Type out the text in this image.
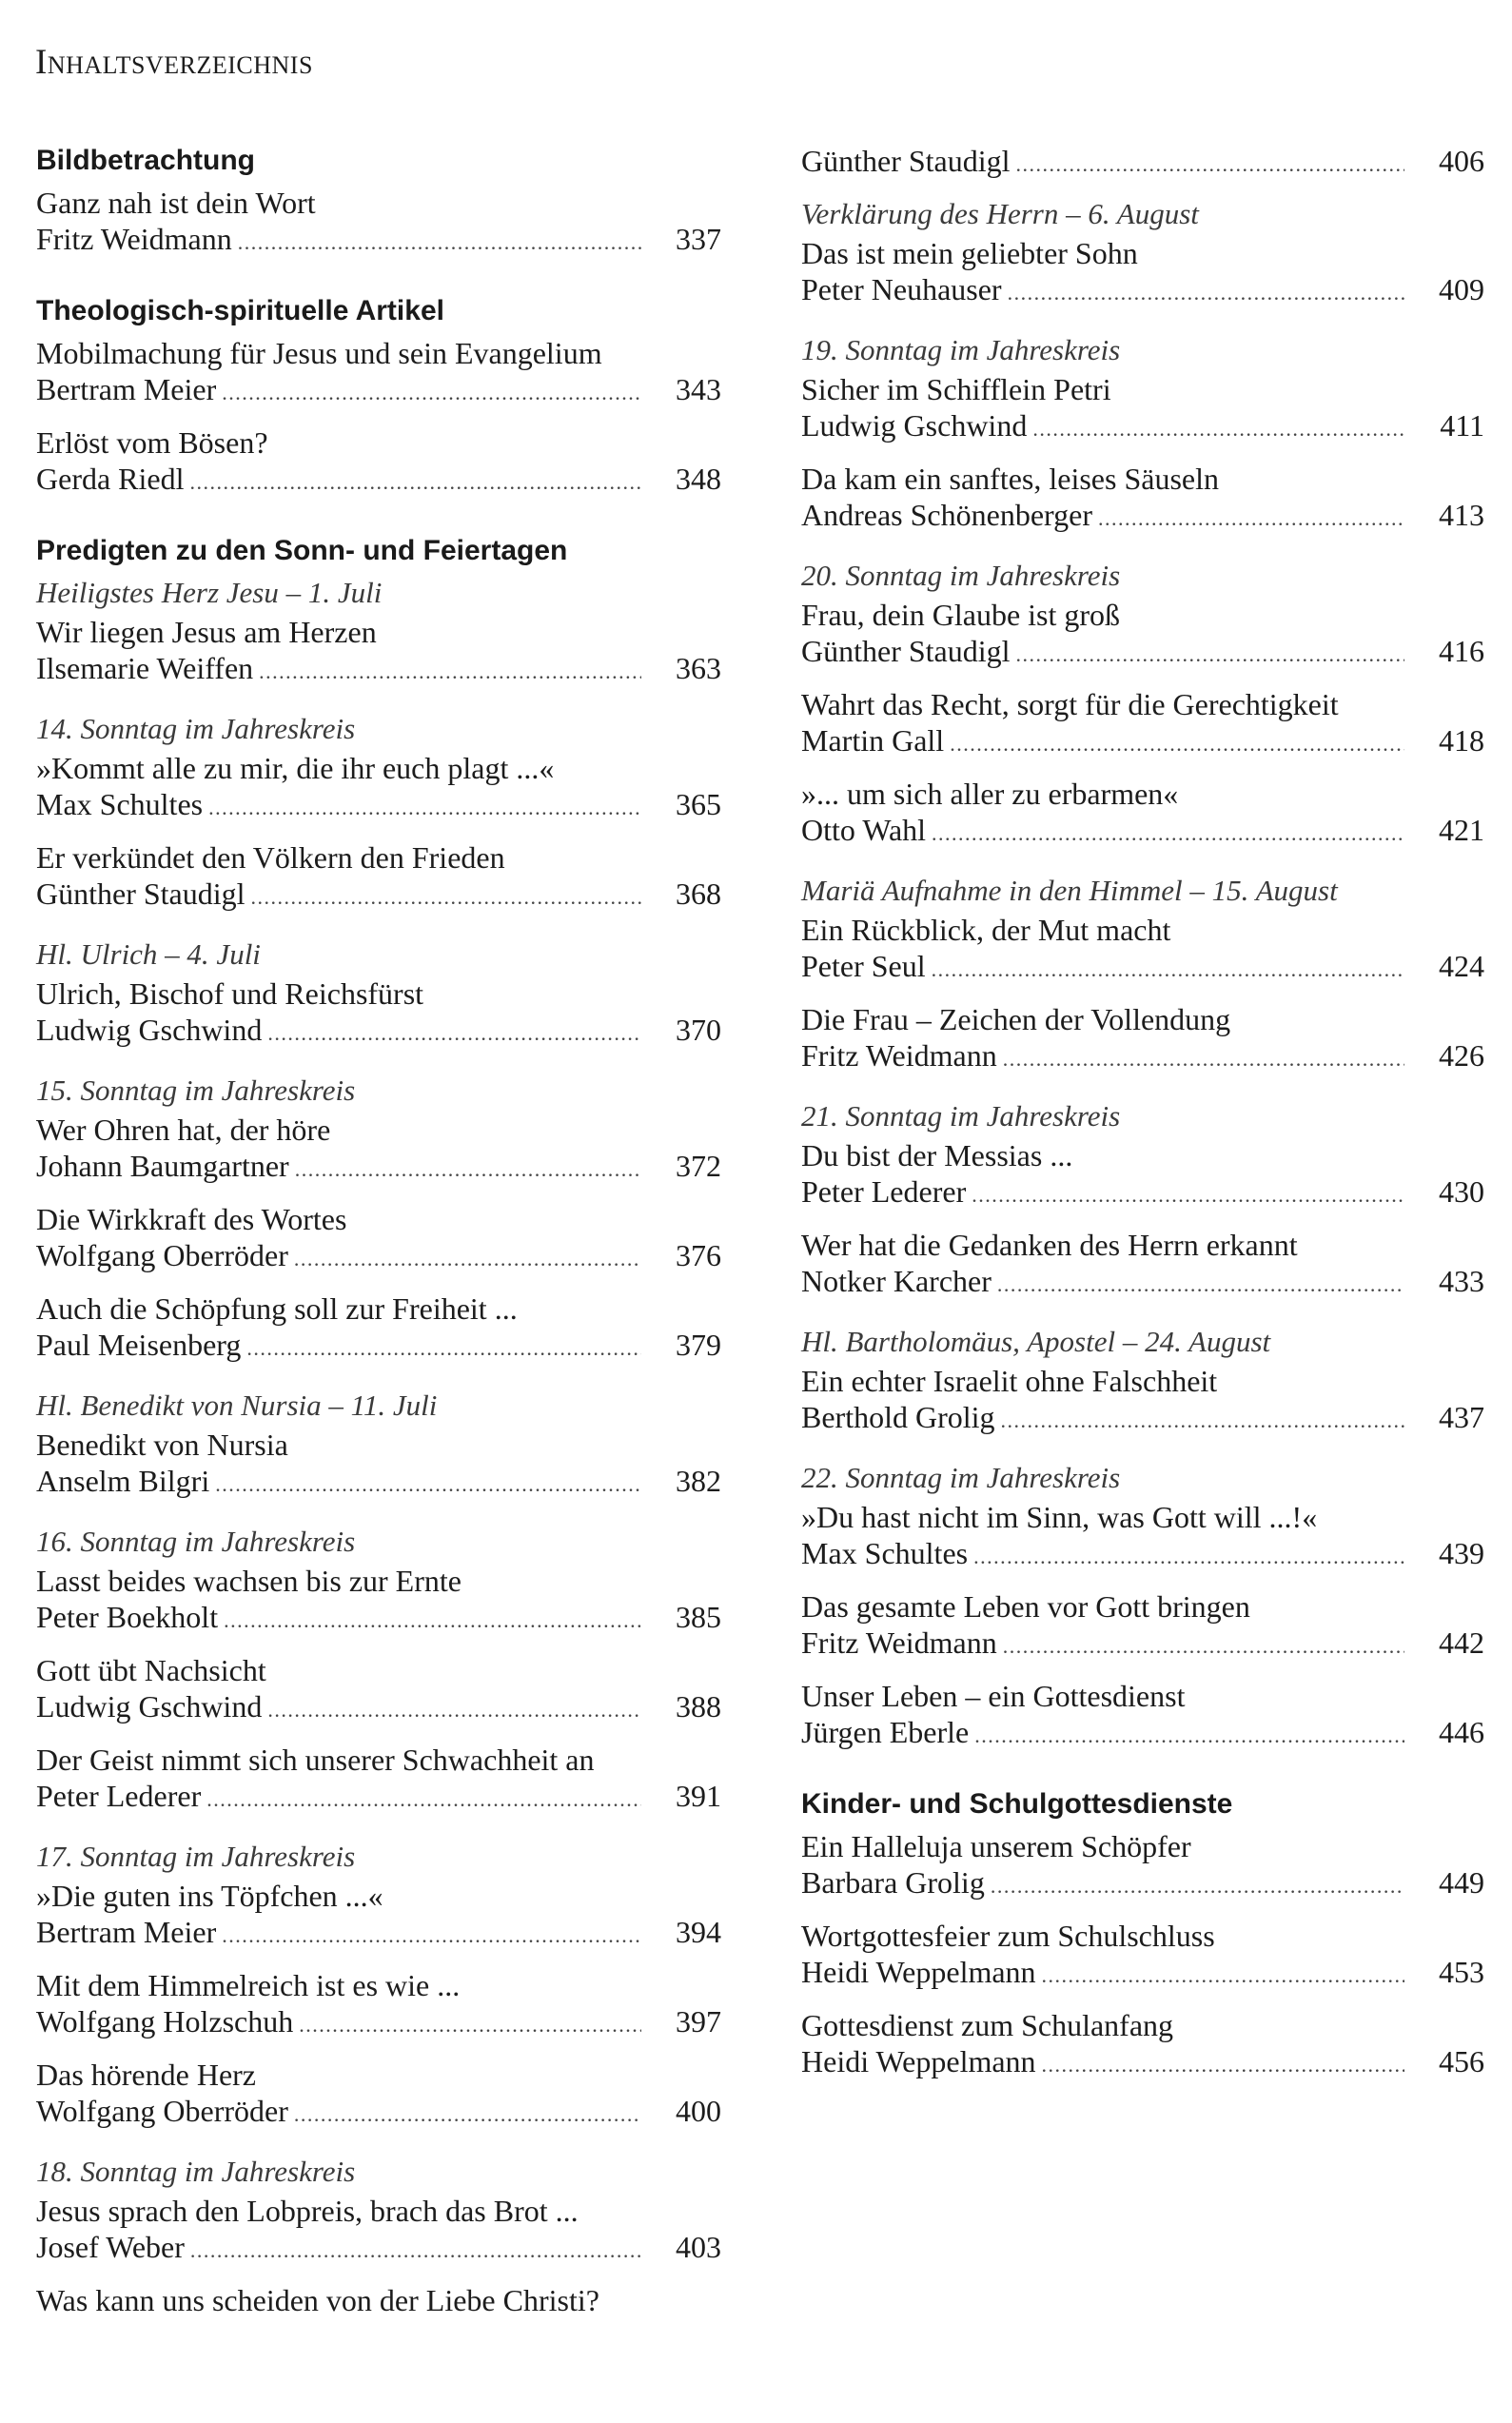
Inhaltsverzeichnis
Bildbetrachtung
Ganz nah ist dein Wort
Fritz Weidmann . . .	337
Theologisch-spirituelle Artikel
Mobilmachung für Jesus und sein Evangelium
Bertram Meier . . .	343
Erlöst vom Bösen?
Gerda Riedl . . .	348
Predigten zu den Sonn- und Feiertagen
Heiligstes Herz Jesu – 1. Juli
Wir liegen Jesus am Herzen
Ilsemarie Weiffen . . .	363
14. Sonntag im Jahreskreis
»Kommt alle zu mir, die ihr euch plagt ...«
Max Schultes . . .	365
Er verkündet den Völkern den Frieden
Günther Staudigl . . .	368
Hl. Ulrich – 4. Juli
Ulrich, Bischof und Reichsfürst
Ludwig Gschwind . . .	370
15. Sonntag im Jahreskreis
Wer Ohren hat, der höre
Johann Baumgartner . . .	372
Die Wirkkraft des Wortes
Wolfgang Oberröder . . .	376
Auch die Schöpfung soll zur Freiheit ...
Paul Meisenberg . . .	379
Hl. Benedikt von Nursia – 11. Juli
Benedikt von Nursia
Anselm Bilgri . . .	382
16. Sonntag im Jahreskreis
Lasst beides wachsen bis zur Ernte
Peter Boekholt . . .	385
Gott übt Nachsicht
Ludwig Gschwind . . .	388
Der Geist nimmt sich unserer Schwachheit an
Peter Lederer . . .	391
17. Sonntag im Jahreskreis
»Die guten ins Töpfchen ...«
Bertram Meier . . .	394
Mit dem Himmelreich ist es wie ...
Wolfgang Holzschuh . . .	397
Das hörende Herz
Wolfgang Oberröder . . .	400
18. Sonntag im Jahreskreis
Jesus sprach den Lobpreis, brach das Brot ...
Josef Weber . . .	403
Was kann uns scheiden von der Liebe Christi?
Günther Staudigl . . .	406
Verklärung des Herrn – 6. August
Das ist mein geliebter Sohn
Peter Neuhauser . . .	409
19. Sonntag im Jahreskreis
Sicher im Schifflein Petri
Ludwig Gschwind . . .	411
Da kam ein sanftes, leises Säuseln
Andreas Schönenberger . . .	413
20. Sonntag im Jahreskreis
Frau, dein Glaube ist groß
Günther Staudigl . . .	416
Wahrt das Recht, sorgt für die Gerechtigkeit
Martin Gall . . .	418
»... um sich aller zu erbarmen«
Otto Wahl . . .	421
Mariä Aufnahme in den Himmel – 15. August
Ein Rückblick, der Mut macht
Peter Seul . . .	424
Die Frau – Zeichen der Vollendung
Fritz Weidmann . . .	426
21. Sonntag im Jahreskreis
Du bist der Messias ...
Peter Lederer . . .	430
Wer hat die Gedanken des Herrn erkannt
Notker Karcher . . .	433
Hl. Bartholomäus, Apostel – 24. August
Ein echter Israelit ohne Falschheit
Berthold Grolig . . .	437
22. Sonntag im Jahreskreis
»Du hast nicht im Sinn, was Gott will ...!«
Max Schultes . . .	439
Das gesamte Leben vor Gott bringen
Fritz Weidmann . . .	442
Unser Leben – ein Gottesdienst
Jürgen Eberle . . .	446
Kinder- und Schulgottesdienste
Ein Halleluja unserem Schöpfer
Barbara Grolig . . .	449
Wortgottesfeier zum Schulschluss
Heidi Weppelmann . . .	453
Gottesdienst zum Schulanfang
Heidi Weppelmann . . .	456
